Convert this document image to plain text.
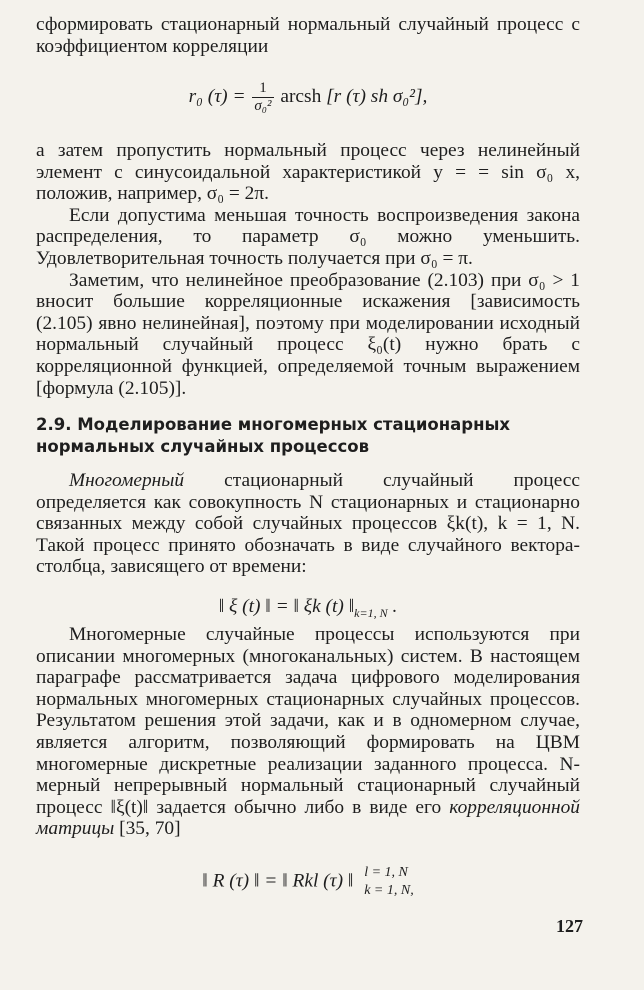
сформировать стационарный нормальный случайный процесс с коэффициентом корреляции

r₀ $(\tau) = \frac{1}{\text{σ₀²}}$ arcsh [r (τ) sh σ₀²],

а затем пропустить нормальный процесс через нелинейный элемент с синусоидальной характеристикой y = = sin σ₀ x, положив, например, σ₀ = 2π.

Если допустима меньшая точность воспроизведения закона распределения, то параметр σ₀ можно уменьшить. Удовлетворительная точность получается при σ₀ = π.

Заметим, что нелинейное преобразование (2.103) при σ₀ > 1 вносит большие корреляционные искажения [зависимость (2.105) явно нелинейная], поэтому при моделировании исходный нормальный случайный процесс ξ₀(t) нужно брать с корреляционной функцией, определяемой точным выражением [формула (2.105)].

2.9. Моделирование многомерных стационарных

нормальных случайных процессов

Многомерный стационарный случайный процесс определяется как совокупность N стационарных и стационарно связанных между собой случайных процессов ξk(t), k = 1, N. Такой процесс принято обозначать в виде случайного вектора-столбца, зависящего от времени:

‖ ξ (t) ‖ = ‖ ξk (t) $‖_{k=1, N}$ .

Многомерные случайные процессы используются при описании многомерных (многоканальных) систем. В настоящем параграфе рассматривается задача цифрового моделирования нормальных многомерных стационарных случайных процессов. Результатом решения этой задачи, как и в одномерном случае, является алгоритм, позволяющий формировать на ЦВМ многомерные дискретные реализации заданного процесса. N-мерный непрерывный нормальный стационарный случайный процесс ‖ξ(t)‖ задается обычно либо в виде его корреляционной матрицы [35, 70]

‖ R (τ) ‖ = ‖ Rkl (τ) ‖ l = 1, N
k = 1, N,
127
